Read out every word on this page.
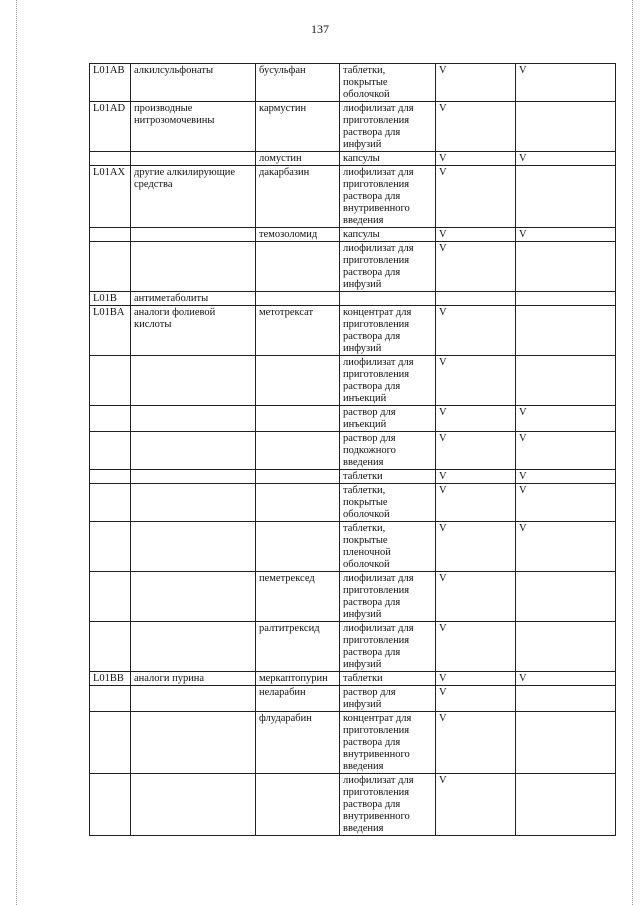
137
L01AB	алкилсульфонаты	бусульфан	таблетки, покрытые оболочкой	V	V
L01AD	производные нитрозомочевины	кармустин	лиофилизат для приготовления раствора для инфузий	V	
		ломустин	капсулы	V	V
L01AX	другие алкилирующие средства	дакарбазин	лиофилизат для приготовления раствора для внутривенного введения	V	
		темозоломид	капсулы	V	V
			лиофилизат для приготовления раствора для инфузий	V	
L01B	антиметаболиты				
L01BA	аналоги фолиевой кислоты	метотрексат	концентрат для приготовления раствора для инфузий	V	
			лиофилизат для приготовления раствора для инъекций	V	
			раствор для инъекций	V	V
			раствор для подкожного введения	V	V
			таблетки	V	V
			таблетки, покрытые оболочкой	V	V
			таблетки, покрытые пленочной оболочкой	V	V
		пеметрексед	лиофилизат для приготовления раствора для инфузий	V	
		ралтитрексид	лиофилизат для приготовления раствора для инфузий	V	
L01BB	аналоги пурина	меркаптопурин	таблетки	V	V
		неларабин	раствор для инфузий	V	
		флударабин	концентрат для приготовления раствора для внутривенного введения	V	
			лиофилизат для приготовления раствора для внутривенного введения	V	
